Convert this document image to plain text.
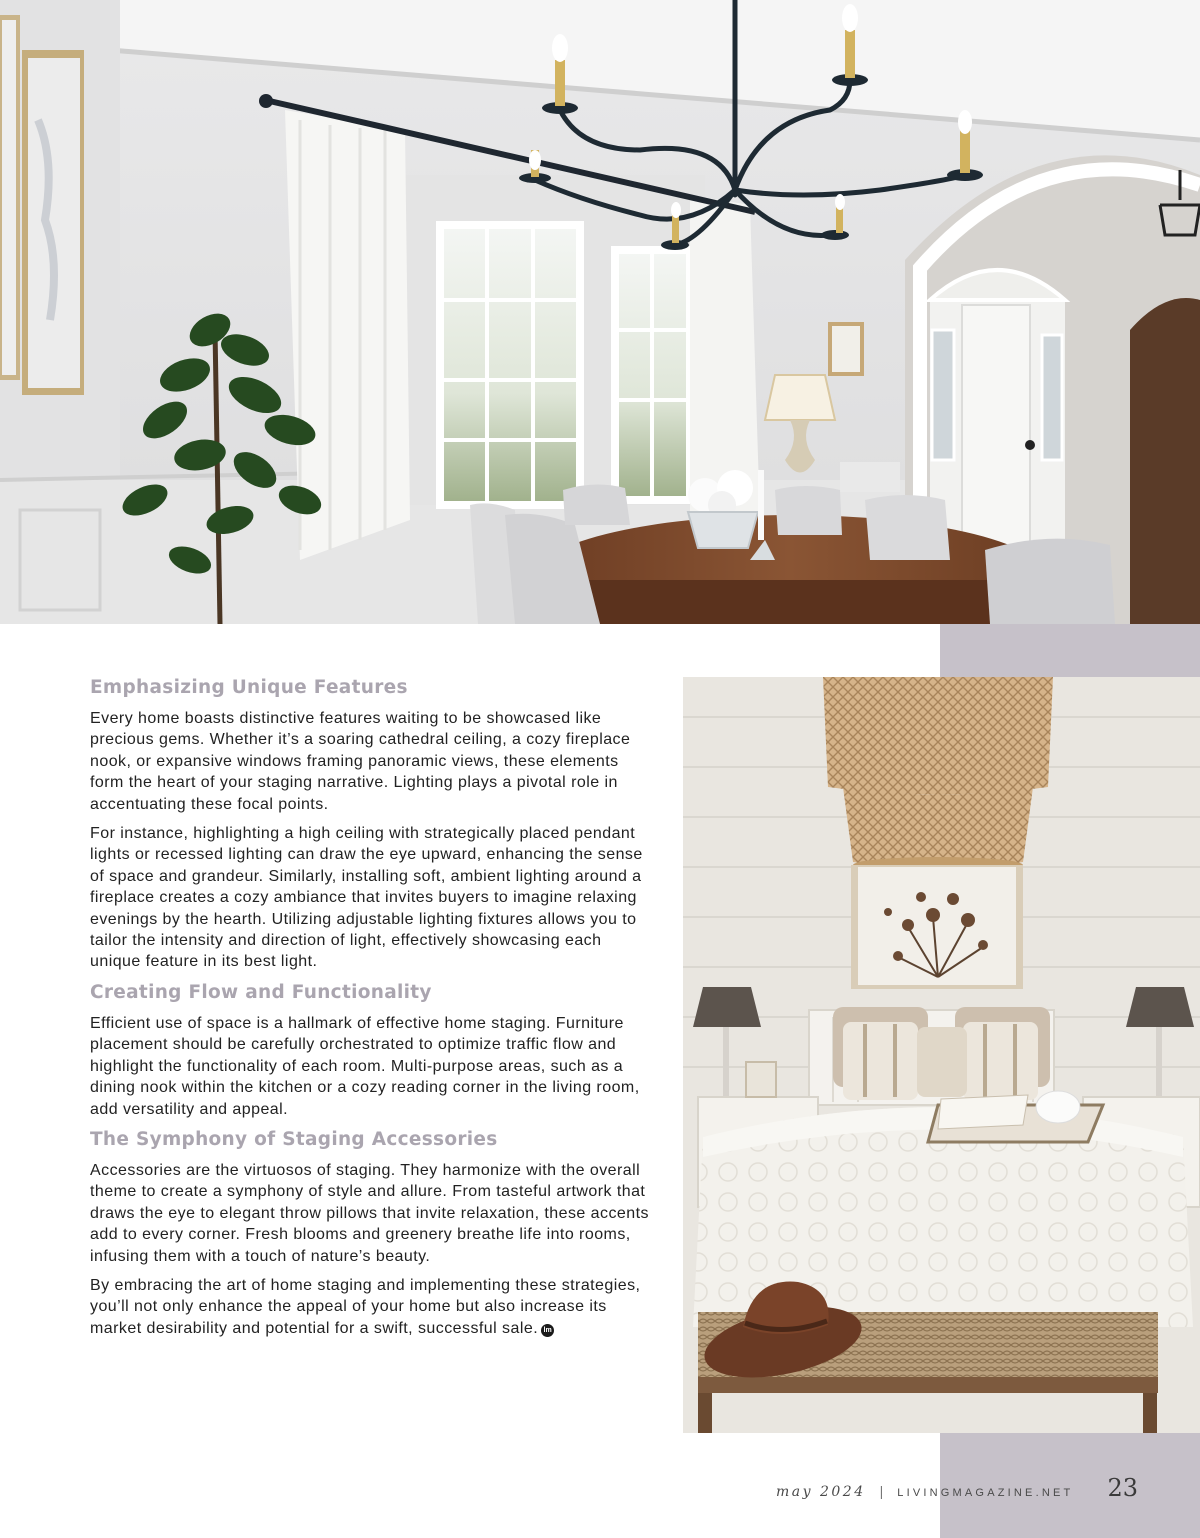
Emphasizing Unique Features

Every home boasts distinctive features waiting to be showcased like precious gems. Whether it’s a soaring cathedral ceiling, a cozy fireplace nook, or expansive windows framing panoramic views, these elements form the heart of your staging narrative. Lighting plays a pivotal role in accentuating these focal points.

For instance, highlighting a high ceiling with strategically placed pendant lights or recessed lighting can draw the eye upward, enhancing the sense of space and grandeur. Similarly, installing soft, ambient lighting around a fireplace creates a cozy ambiance that invites buyers to imagine relaxing evenings by the hearth. Utilizing adjustable lighting fixtures allows you to tailor the intensity and direction of light, effectively showcasing each unique feature in its best light.

Creating Flow and Functionality

Efficient use of space is a hallmark of effective home staging. Furniture placement should be carefully orchestrated to optimize traffic flow and highlight the functionality of each room. Multi-purpose areas, such as a dining nook within the kitchen or a cozy reading corner in the living room, add versatility and appeal.

The Symphony of Staging Accessories

Accessories are the virtuosos of staging. They harmonize with the overall theme to create a symphony of style and allure. From tasteful artwork that draws the eye to elegant throw pillows that invite relaxation, these accents add to every corner. Fresh blooms and greenery breathe life into rooms, infusing them with a touch of nature’s beauty.

By embracing the art of home staging and implementing these strategies, you’ll not only enhance the appeal of your home but also increase its market desirability and potential for a swift, successful sale. lm

may 2024 | LIVINGMAGAZINE.NET 23
